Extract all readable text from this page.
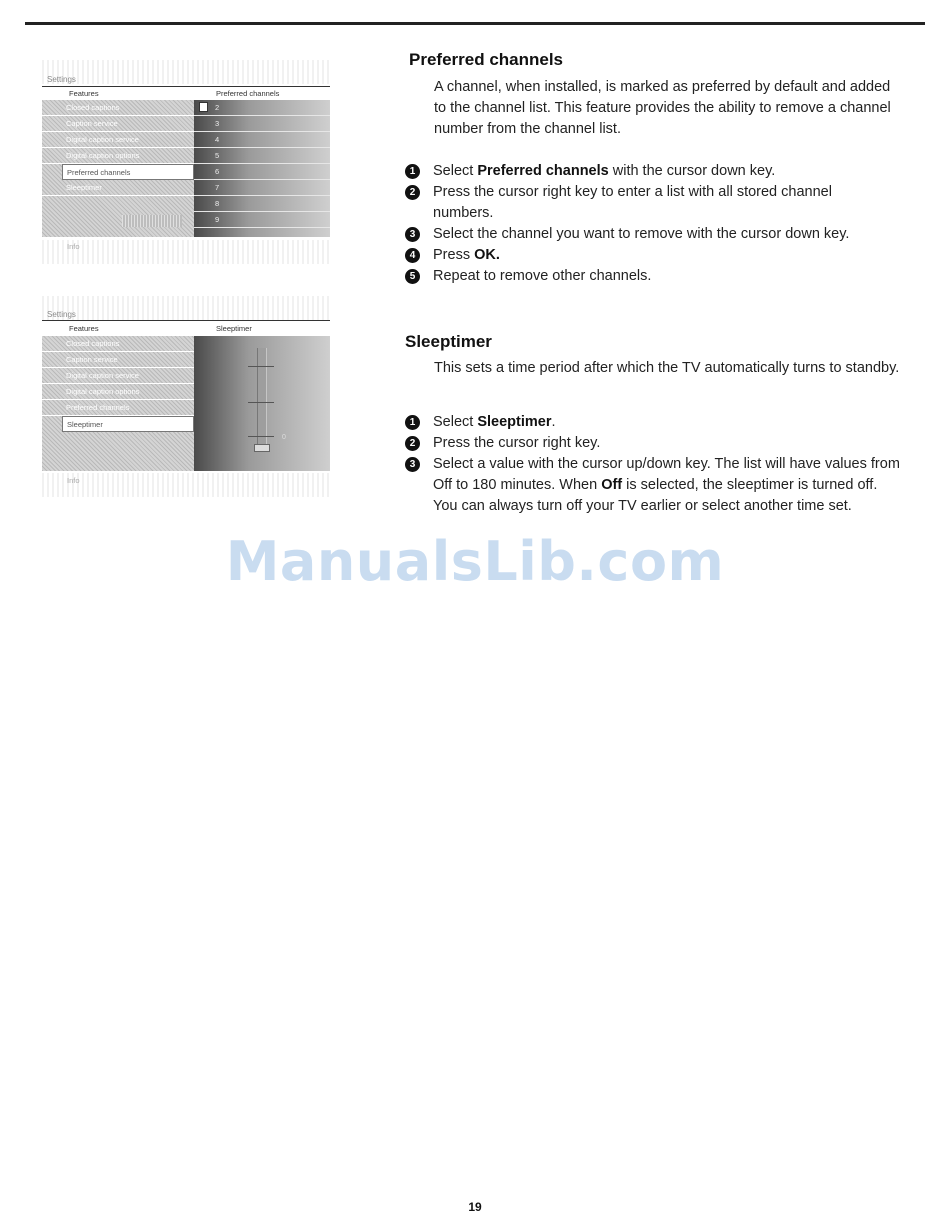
Settings
Features	Preferred channels
Closed captions
Caption service
Digital caption service
Digital caption options
Preferred channels
Sleeptimer
2
3
4
5
6
7
8
9
Info
Settings
Features	Sleeptimer
Closed captions
Caption service
Digital caption service
Digital caption options
Preferred channels
Sleeptimer
0
Info
Preferred channels
A channel, when installed, is marked as preferred by default and added to the channel list. This feature provides the ability to remove a channel number from the channel list.
1	Select Preferred channels with the cursor down key.
2	Press the cursor right key to enter a list with all stored channel numbers.
3	Select the channel you want to remove with the cursor down key.
4	Press OK.
5	Repeat to remove other channels.
Sleeptimer
This sets a time period after which the TV automatically turns to standby.
1	Select Sleeptimer.
2	Press the cursor right key.
3	Select a value with the cursor up/down key. The list will have values from Off to 180 minutes. When Off is selected, the sleeptimer is turned off.
You can always turn off your TV earlier or select another time set.
ManualsLib.com
19
